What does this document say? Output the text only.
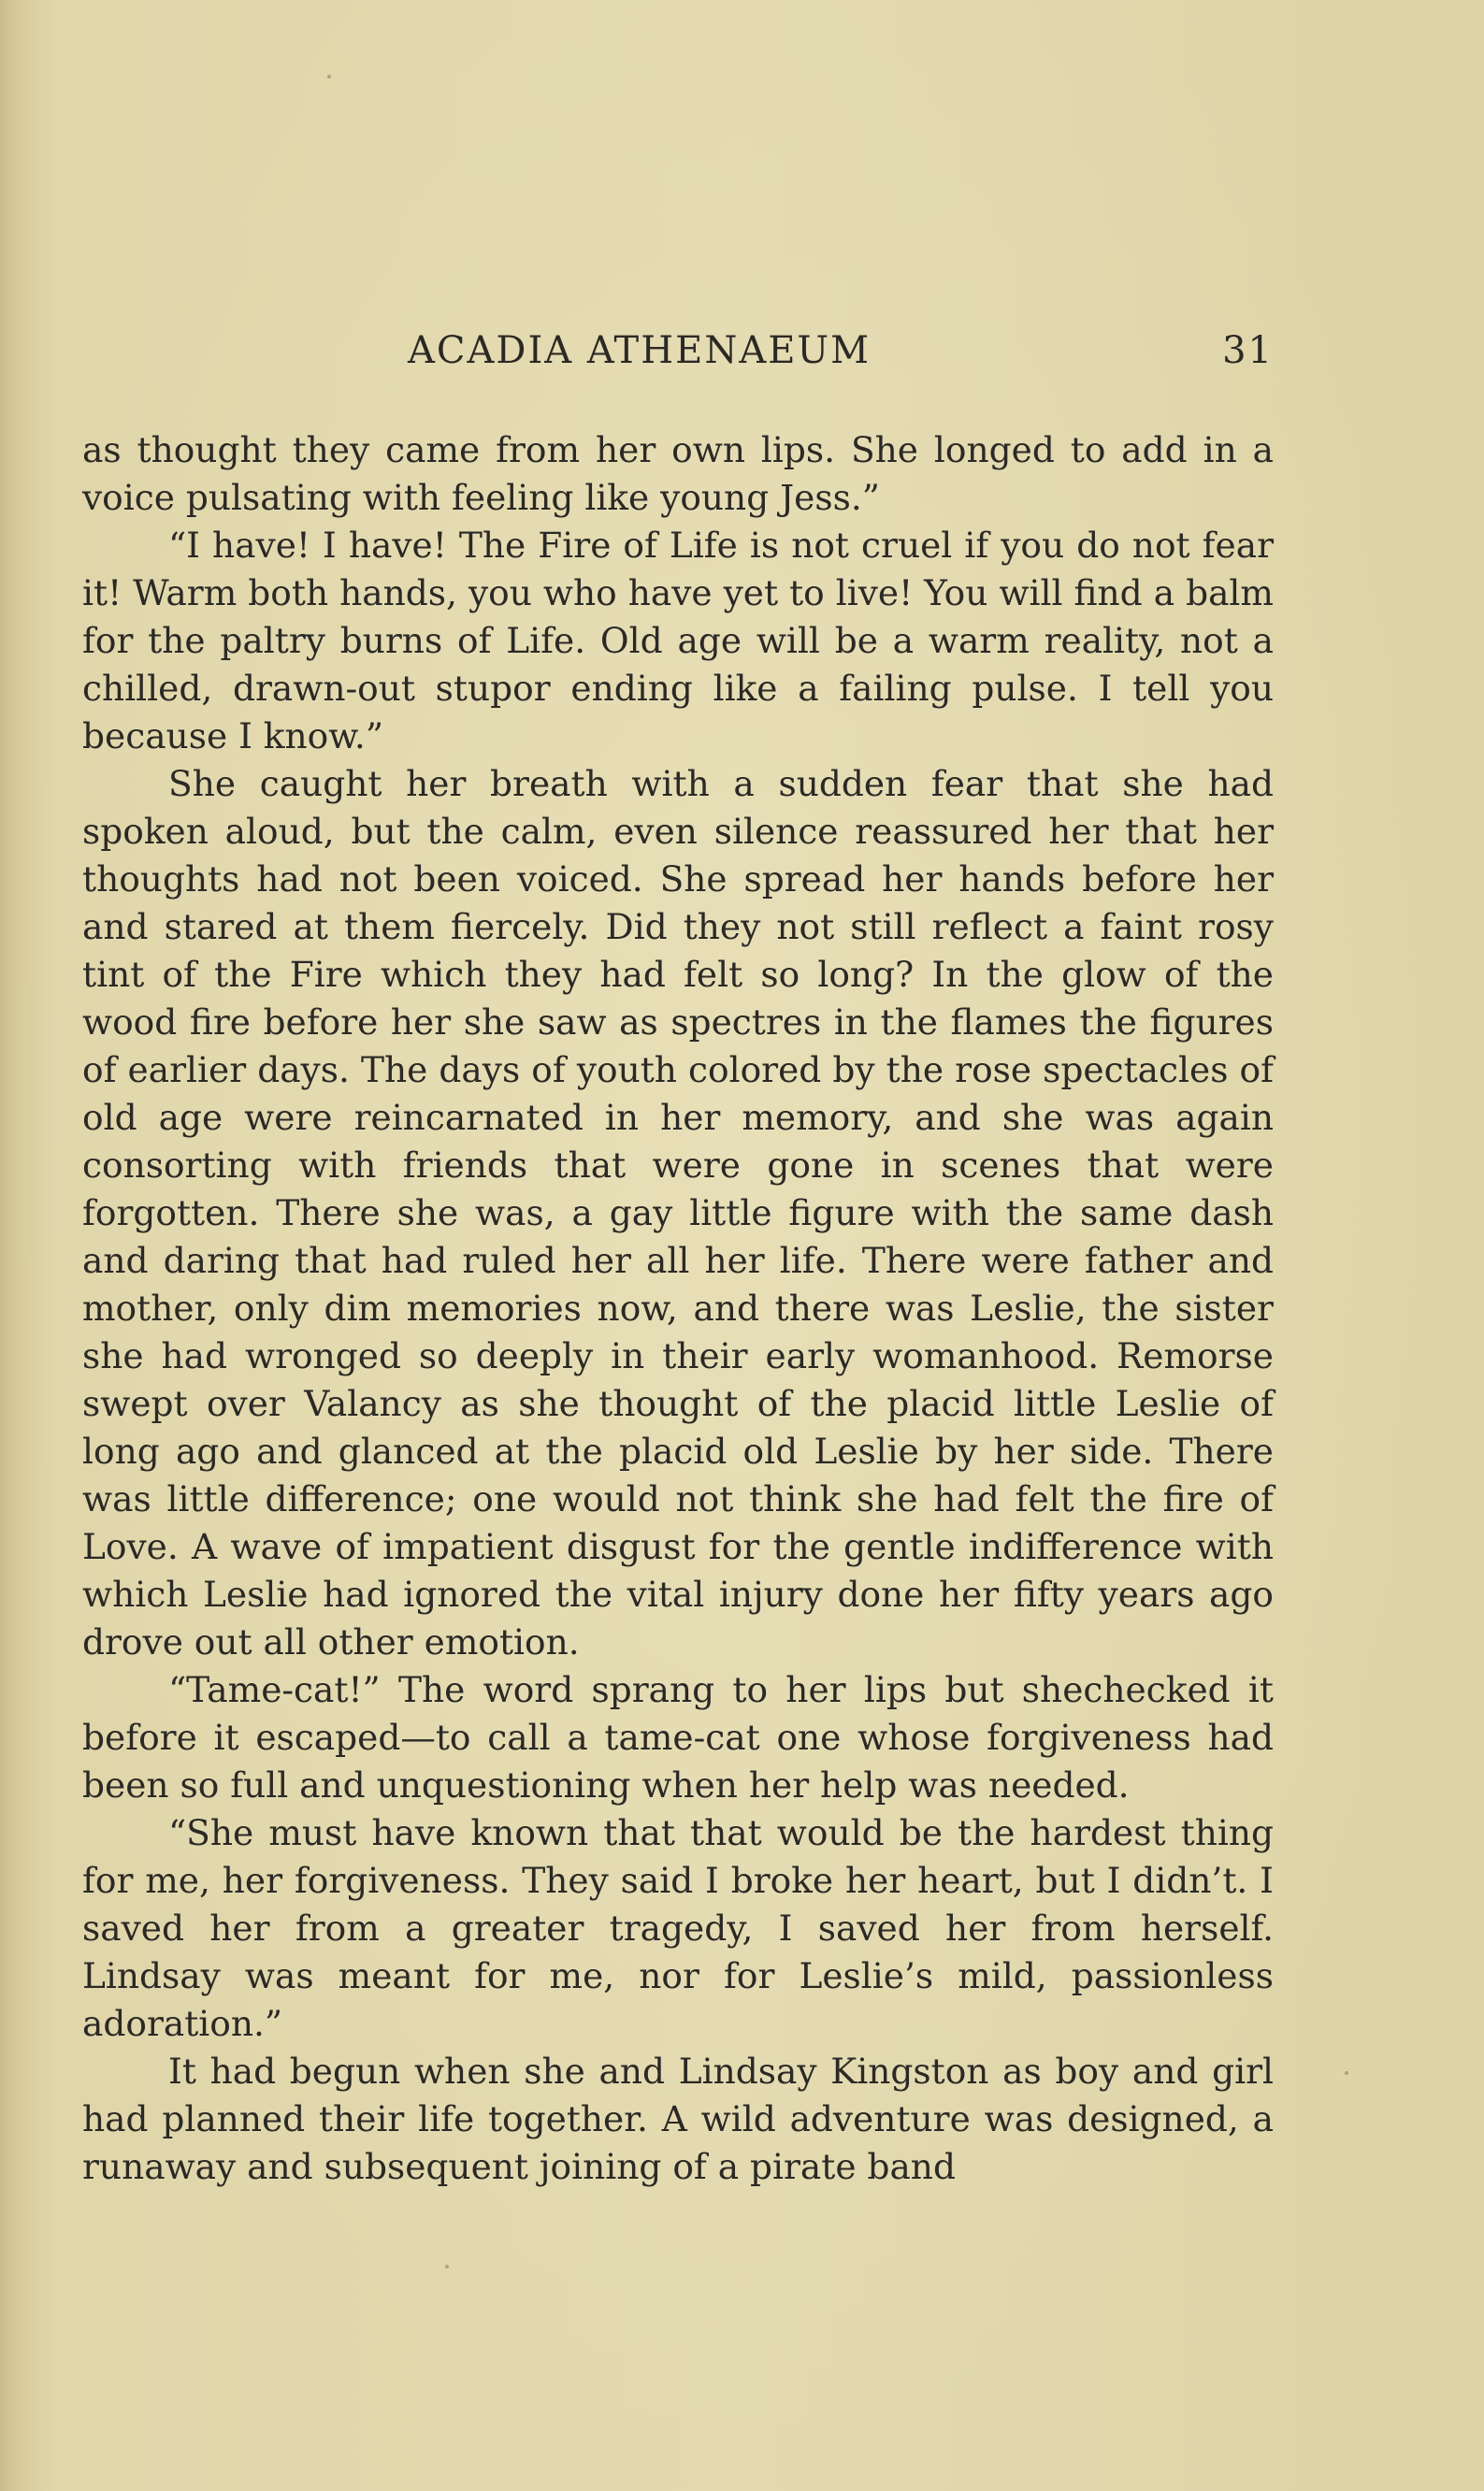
ACADIA ATHENAEUM	31

as thought they came from her own lips. She longed to add in a voice pulsating with feeling like young Jess.”

“I have! I have! The Fire of Life is not cruel if you do not fear it! Warm both hands, you who have yet to live! You will find a balm for the paltry burns of Life. Old age will be a warm reality, not a chilled, drawn-out stupor ending like a failing pulse. I tell you because I know.”

She caught her breath with a sudden fear that she had spoken aloud, but the calm, even silence reassured her that her thoughts had not been voiced. She spread her hands before her and stared at them fiercely. Did they not still reflect a faint rosy tint of the Fire which they had felt so long? In the glow of the wood fire before her she saw as spectres in the flames the figures of earlier days. The days of youth colored by the rose spectacles of old age were reincarnated in her memory, and she was again consorting with friends that were gone in scenes that were forgotten. There she was, a gay little figure with the same dash and daring that had ruled her all her life. There were father and mother, only dim memories now, and there was Leslie, the sister she had wronged so deeply in their early womanhood. Remorse swept over Valancy as she thought of the placid little Leslie of long ago and glanced at the placid old Leslie by her side. There was little difference; one would not think she had felt the fire of Love. A wave of impatient disgust for the gentle indifference with which Leslie had ignored the vital injury done her fifty years ago drove out all other emotion.

“Tame-cat!” The word sprang to her lips but shechecked it before it escaped—to call a tame-cat one whose forgiveness had been so full and unquestioning when her help was needed.

“She must have known that that would be the hardest thing for me, her forgiveness. They said I broke her heart, but I didn’t. I saved her from a greater tragedy, I saved her from herself. Lindsay was meant for me, nor for Leslie’s mild, passionless adoration.”

It had begun when she and Lindsay Kingston as boy and girl had planned their life together. A wild adventure was designed, a runaway and subsequent joining of a pirate band
